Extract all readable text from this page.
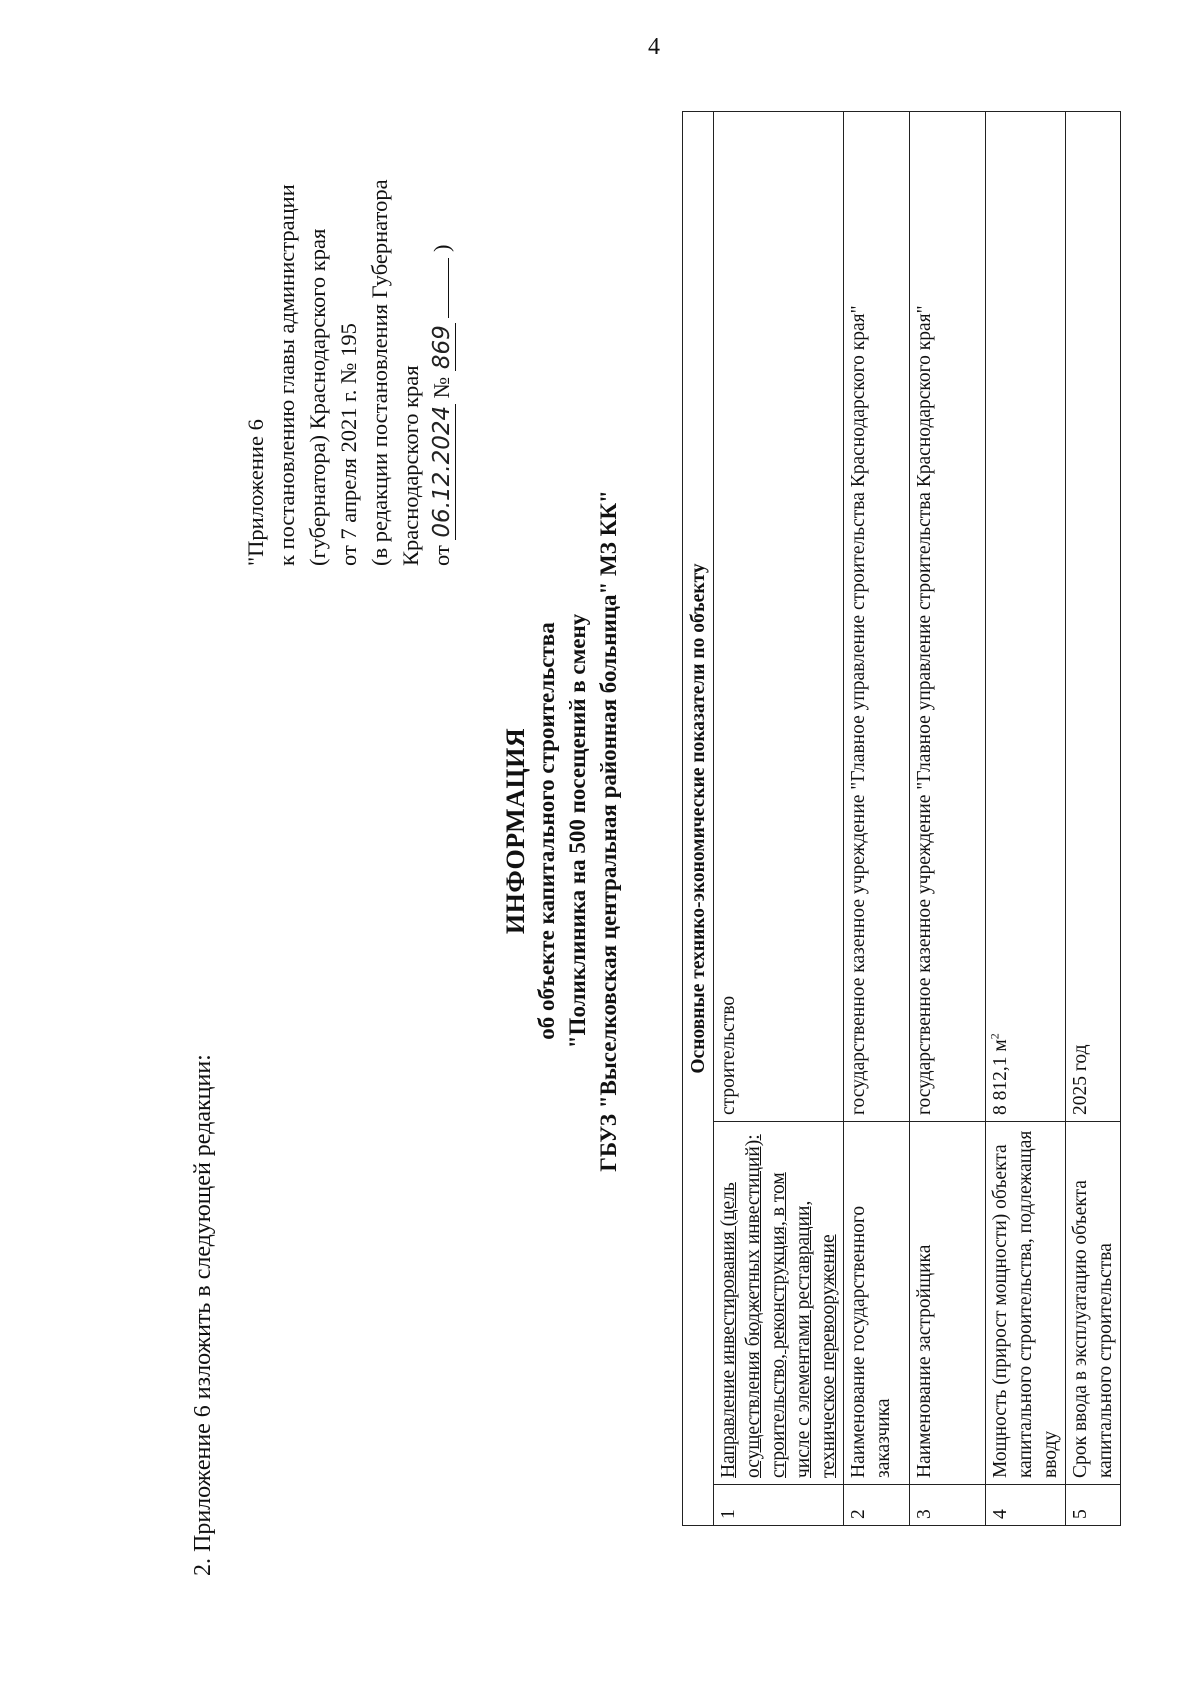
4
2. Приложение 6 изложить в следующей редакции:
"Приложение 6 к постановлению главы администрации (губернатора) Краснодарского края от 7 апреля 2021 г. № 195 (в редакции постановления Губернатора Краснодарского края от 06.12.2024 № 869  )
ИНФОРМАЦИЯ об объекте капитального строительства "Поликлиника на 500 посещений в смену ГБУЗ "Выселковская центральная районная больница" МЗ КК"	Основные технико-экономические показатели по объекту		
1	Направление инвестирования (цель осуществления бюджетных инвестиций): строительство, реконструкция, в том числе с элементами реставрации, техническое перевооружение	строительство
2	Наименование государственного заказчика	государственное казенное учреждение "Главное управление строительства Краснодарского края"
3	Наименование застройщика	государственное казенное учреждение "Главное управление строительства Краснодарского края"
4	Мощность (прирост мощности) объекта капитального строительства, подлежащая вводу	8 812,1 $м^2$
5	Срок ввода в эксплуатацию объекта капитального строительства	2025 год
